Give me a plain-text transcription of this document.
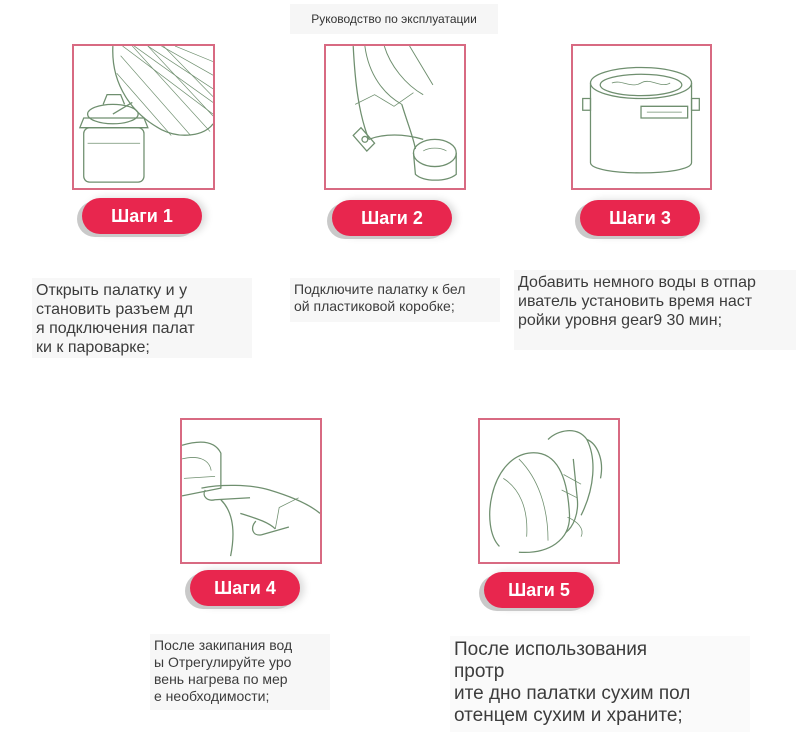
Руководство по эксплуатации
Шаги 1
Открыть палатку и у
становить разъем дл
я подключения палат
ки к пароварке;
Шаги 2
Подключите палатку к бел
ой пластиковой коробке;
Шаги 3
Добавить немного воды в отпар
иватель установить время наст
ройки уровня gear9 30 мин;
Шаги 4
После закипания вод
ы Отрегулируйте уро
вень нагрева по мер
е необходимости;
Шаги 5
После использования
протр
ите дно палатки сухим пол
отенцем сухим и храните;
